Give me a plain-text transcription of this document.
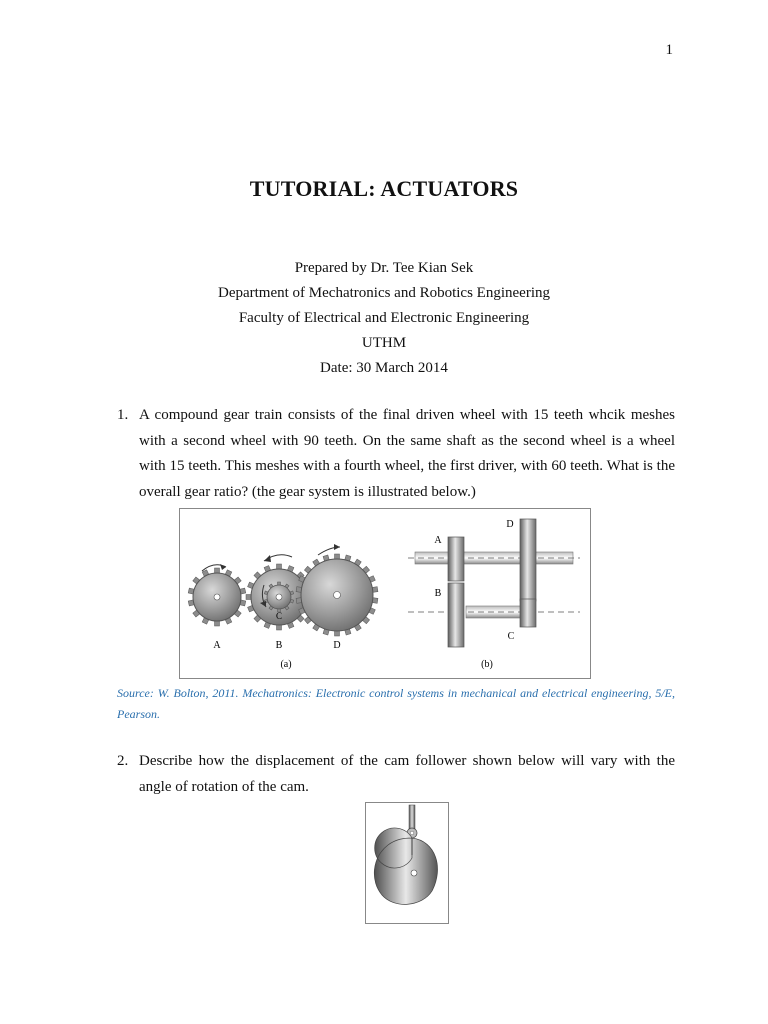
1
TUTORIAL: ACTUATORS
Prepared by Dr. Tee Kian Sek
Department of Mechatronics and Robotics Engineering
Faculty of Electrical and Electronic Engineering
UTHM
Date: 30 March 2014
1. A compound gear train consists of the final driven wheel with 15 teeth whcik meshes with a second wheel with 90 teeth. On the same shaft as the second wheel is a wheel with 15 teeth. This meshes with a fourth wheel, the first driver, with 60 teeth. What is the overall gear ratio? (the gear system is illustrated below.)
A	B
C
D
(a)
A
B
C
D
(b)
Source: W. Bolton, 2011. Mechatronics: Electronic control systems in mechanical and electrical engineering, 5/E, Pearson.
2. Describe how the displacement of the cam follower shown below will vary with the angle of rotation of the cam.
